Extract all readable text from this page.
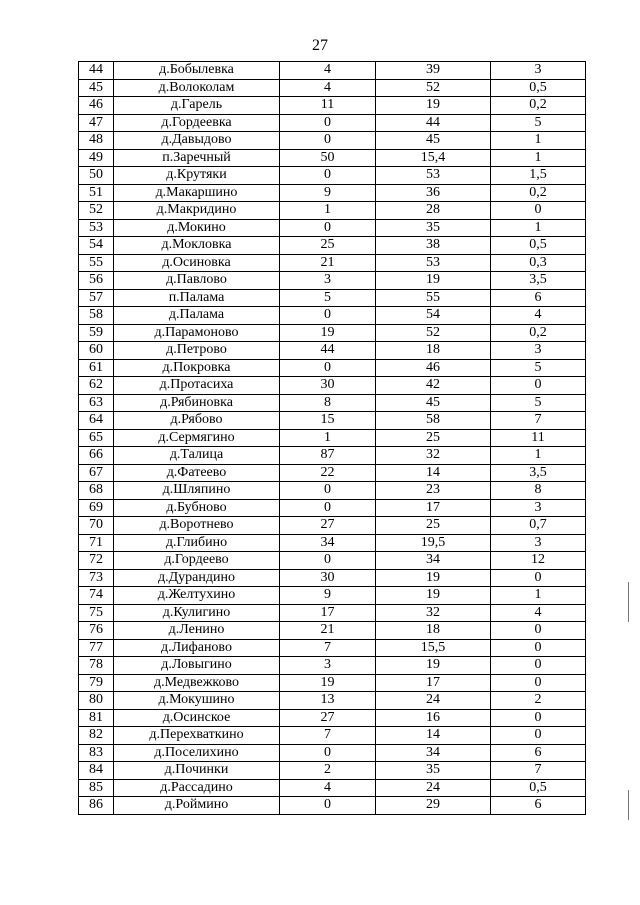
27
44	д.Бобылевка	4	39	3
45	д.Волоколам	4	52	0,5
46	д.Гарель	11	19	0,2
47	д.Гордеевка	0	44	5
48	д.Давыдово	0	45	1
49	п.Заречный	50	15,4	1
50	д.Крутяки	0	53	1,5
51	д.Макаршино	9	36	0,2
52	д.Макридино	1	28	0
53	д.Мокино	0	35	1
54	д.Мокловка	25	38	0,5
55	д.Осиновка	21	53	0,3
56	д.Павлово	3	19	3,5
57	п.Палама	5	55	6
58	д.Палама	0	54	4
59	д.Парамоново	19	52	0,2
60	д.Петрово	44	18	3
61	д.Покровка	0	46	5
62	д.Протасиха	30	42	0
63	д.Рябиновка	8	45	5
64	д.Рябово	15	58	7
65	д.Сермягино	1	25	11
66	д.Талица	87	32	1
67	д.Фатеево	22	14	3,5
68	д.Шляпино	0	23	8
69	д.Бубново	0	17	3
70	д.Воротнево	27	25	0,7
71	д.Глибино	34	19,5	3
72	д.Гордеево	0	34	12
73	д.Дурандино	30	19	0
74	д.Желтухино	9	19	1
75	д.Кулигино	17	32	4
76	д.Ленино	21	18	0
77	д.Лифаново	7	15,5	0
78	д.Ловыгино	3	19	0
79	д.Медвежково	19	17	0
80	д.Мокушино	13	24	2
81	д.Осинское	27	16	0
82	д.Перехваткино	7	14	0
83	д.Поселихино	0	34	6
84	д.Починки	2	35	7
85	д.Рассадино	4	24	0,5
86	д.Роймино	0	29	6
